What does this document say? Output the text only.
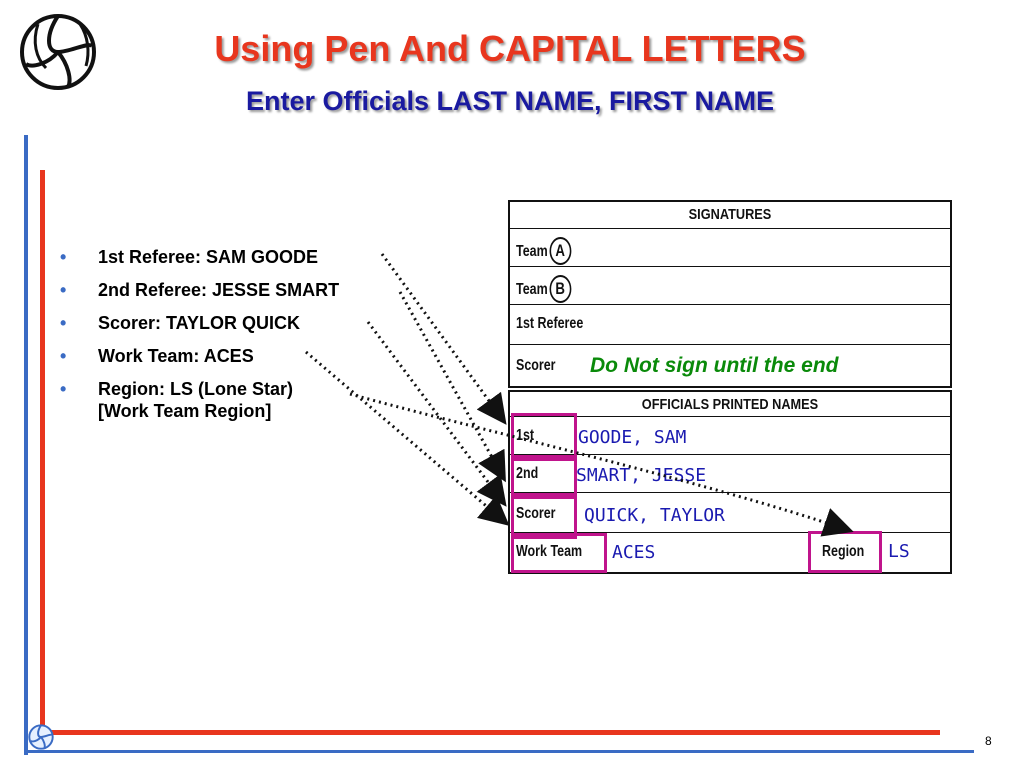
Using Pen And CAPITAL LETTERS
Enter Officials LAST NAME, FIRST NAME
• 1st Referee: SAM GOODE
• 2nd Referee: JESSE SMART
• Scorer: TAYLOR QUICK
• Work Team: ACES
• Region: LS (Lone Star)
[Work Team Region]
SIGNATURES
Team A
Team B
1st Referee
Scorer
OFFICIALS PRINTED NAMES
1st
2nd
Scorer
Work Team	Region
Do Not sign until the end
GOODE, SAM
SMART, JESSE
QUICK, TAYLOR
ACES	LS
8
